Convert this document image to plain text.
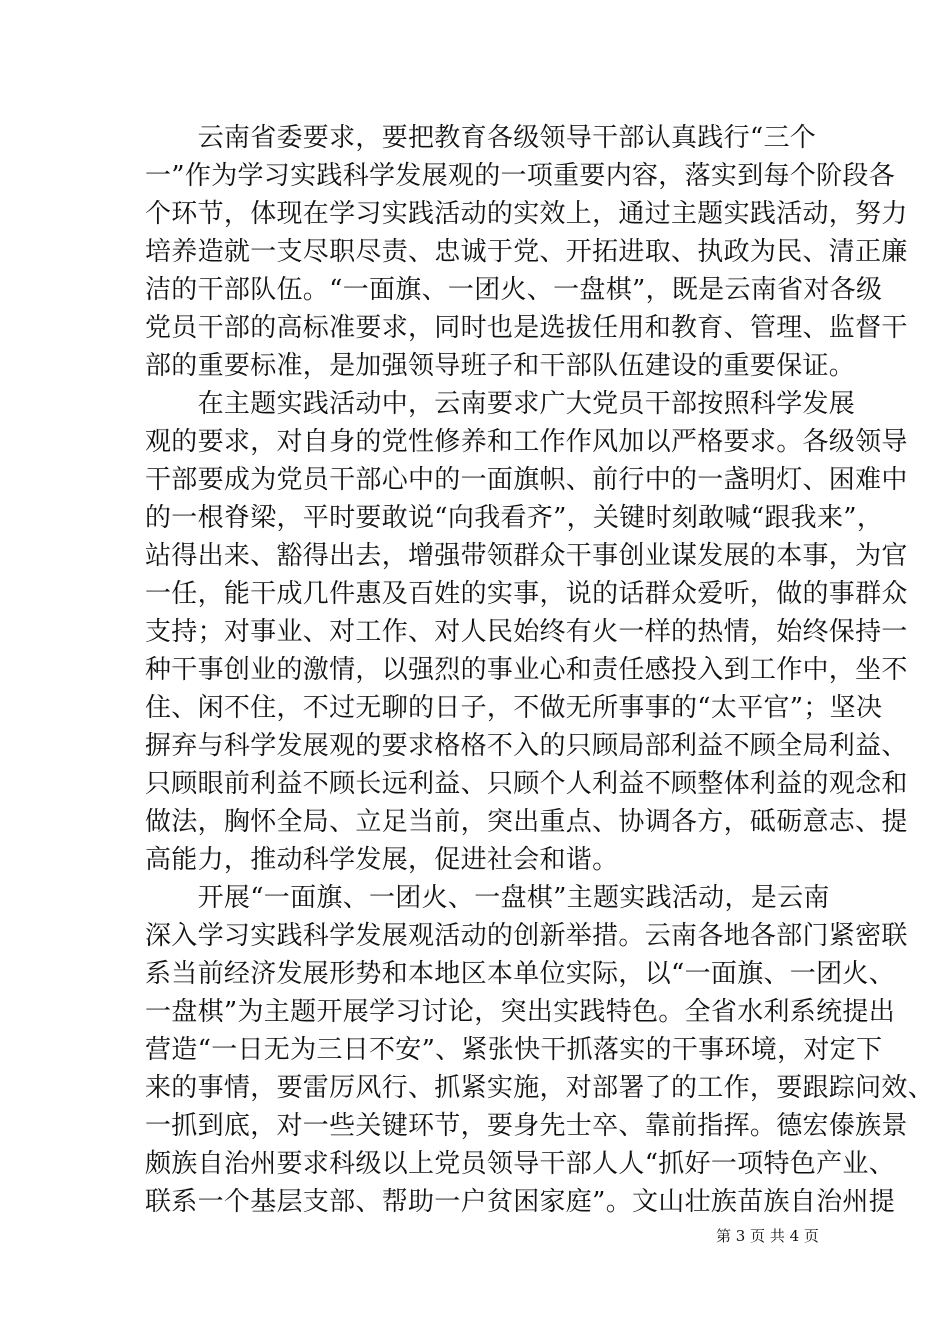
　　云南省委要求，要把教育各级领导干部认真践行“三个
一”作为学习实践科学发展观的一项重要内容，落实到每个阶段各
个环节，体现在学习实践活动的实效上，通过主题实践活动，努力
培养造就一支尽职尽责、忠诚于党、开拓进取、执政为民、清正廉
洁的干部队伍。“一面旗、一团火、一盘棋”，既是云南省对各级
党员干部的高标准要求，同时也是选拔任用和教育、管理、监督干
部的重要标准，是加强领导班子和干部队伍建设的重要保证。
　　在主题实践活动中，云南要求广大党员干部按照科学发展
观的要求，对自身的党性修养和工作作风加以严格要求。各级领导
干部要成为党员干部心中的一面旗帜、前行中的一盏明灯、困难中
的一根脊梁，平时要敢说“向我看齐”，关键时刻敢喊“跟我来”，
站得出来、豁得出去，增强带领群众干事创业谋发展的本事，为官
一任，能干成几件惠及百姓的实事，说的话群众爱听，做的事群众
支持；对事业、对工作、对人民始终有火一样的热情，始终保持一
种干事创业的激情，以强烈的事业心和责任感投入到工作中，坐不
住、闲不住，不过无聊的日子，不做无所事事的“太平官”；坚决
摒弃与科学发展观的要求格格不入的只顾局部利益不顾全局利益、
只顾眼前利益不顾长远利益、只顾个人利益不顾整体利益的观念和
做法，胸怀全局、立足当前，突出重点、协调各方，砥砺意志、提
高能力，推动科学发展，促进社会和谐。
　　开展“一面旗、一团火、一盘棋”主题实践活动，是云南
深入学习实践科学发展观活动的创新举措。云南各地各部门紧密联
系当前经济发展形势和本地区本单位实际，以“一面旗、一团火、
一盘棋”为主题开展学习讨论，突出实践特色。全省水利系统提出
营造“一日无为三日不安”、紧张快干抓落实的干事环境，对定下
来的事情，要雷厉风行、抓紧实施，对部署了的工作，要跟踪问效、
一抓到底，对一些关键环节，要身先士卒、靠前指挥。德宏傣族景
颇族自治州要求科级以上党员领导干部人人“抓好一项特色产业、
联系一个基层支部、帮助一户贫困家庭”。文山壮族苗族自治州提
第 3 页 共 4 页
